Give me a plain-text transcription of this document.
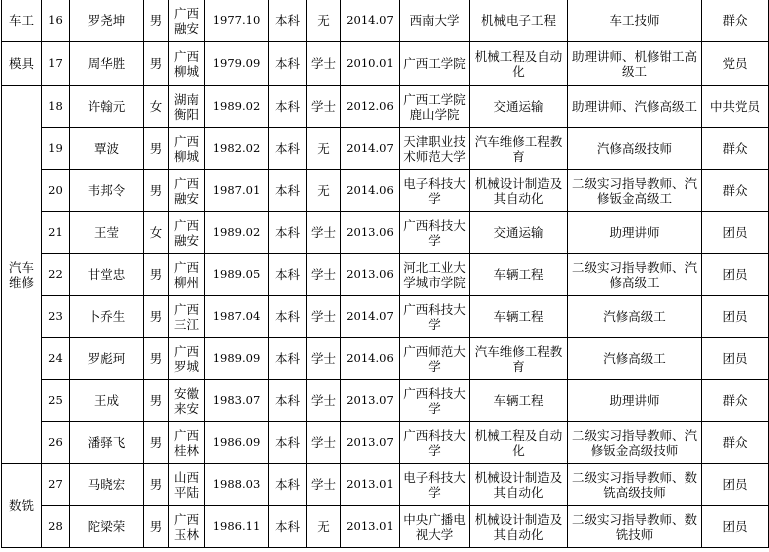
车工	16	罗尧坤	男	广西融安	1977.10	本科	无	2014.07	西南大学	机械电子工程	车工技师	群众
模具	17	周华胜	男	广西柳城	1979.09	本科	学士	2010.01	广西工学院	机械工程及自动化	助理讲师、机修钳工高级工	党员
汽车维修	18	许翰元	女	湖南衡阳	1989.02	本科	学士	2012.06	广西工学院鹿山学院	交通运输	助理讲师、汽修高级工	中共党员
	19	覃波	男	广西柳城	1982.02	本科	无	2014.07	天津职业技术师范大学	汽车维修工程教育	汽修高级技师	群众
	20	韦邦令	男	广西融安	1987.01	本科	无	2014.06	电子科技大学	机械设计制造及其自动化	二级实习指导教师、汽修钣金高级工	群众
	21	王莹	女	广西融安	1989.02	本科	学士	2013.06	广西科技大学	交通运输	助理讲师	团员
	22	甘堂忠	男	广西柳州	1989.05	本科	学士	2013.06	河北工业大学城市学院	车辆工程	二级实习指导教师、汽修高级工	团员
	23	卜乔生	男	广西三江	1987.04	本科	学士	2014.07	广西科技大学	车辆工程	汽修高级工	团员
	24	罗彪珂	男	广西罗城	1989.09	本科	学士	2014.06	广西师范大学	汽车维修工程教育	汽修高级工	团员
	25	王成	男	安徽来安	1983.07	本科	学士	2013.07	广西科技大学	车辆工程	助理讲师	群众
	26	潘驿飞	男	广西桂林	1986.09	本科	学士	2013.07	广西科技大学	机械工程及自动化	二级实习指导教师、汽修钣金高级技师	群众
数铣	27	马晓宏	男	山西平陆	1988.03	本科	学士	2013.01	电子科技大学	机械设计制造及其自动化	二级实习指导教师、数铣高级技师	团员
	28	陀梁荣	男	广西玉林	1986.11	本科	无	2013.01	中央广播电视大学	机械设计制造及其自动化	二级实习指导教师、数铣技师	团员
